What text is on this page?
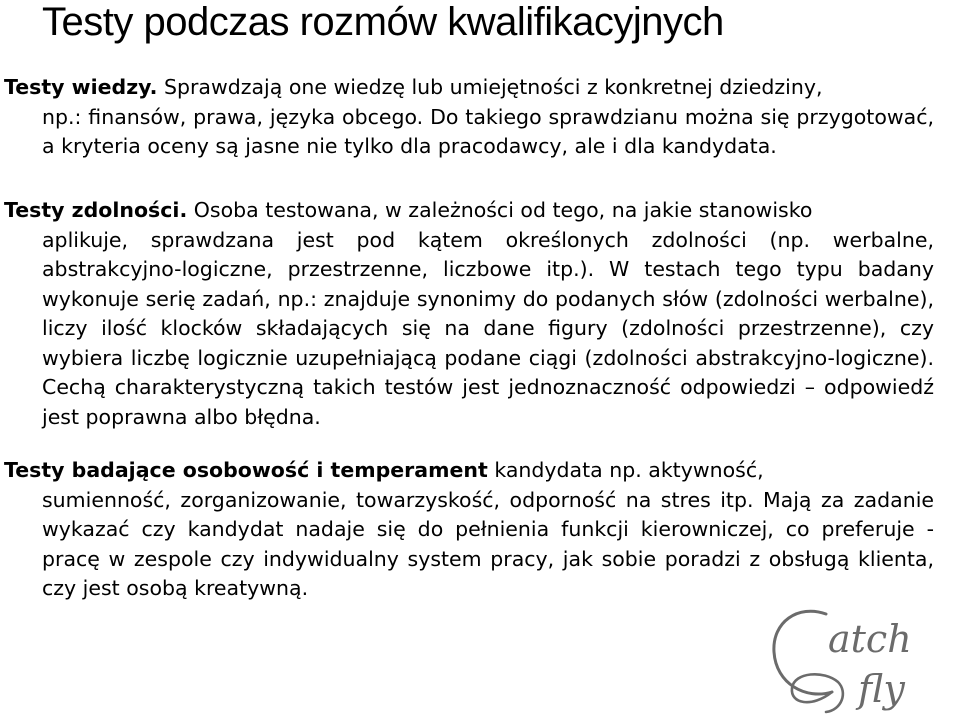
Testy podczas rozmów kwalifikacyjnych
Testy wiedzy. Sprawdzają one wiedzę lub umiejętności z konkretnej dziedziny,
np.: finansów, prawa, języka obcego. Do takiego sprawdzianu można się przygotować, a kryteria oceny są jasne nie tylko dla pracodawcy, ale i dla kandydata.
Testy zdolności. Osoba testowana, w zależności od tego, na jakie stanowisko
aplikuje, sprawdzana jest pod kątem określonych zdolności (np. werbalne, abstrakcyjno-logiczne, przestrzenne, liczbowe itp.). W testach tego typu badany wykonuje serię zadań, np.: znajduje synonimy do podanych słów (zdolności werbalne), liczy ilość klocków składających się na dane figury (zdolności przestrzenne), czy wybiera liczbę logicznie uzupełniającą podane ciągi (zdolności abstrakcyjno-logiczne). Cechą charakterystyczną takich testów jest jednoznaczność odpowiedzi – odpowiedź jest poprawna albo błędna.
Testy badające osobowość i temperament kandydata np. aktywność,
sumienność, zorganizowanie, towarzyskość, odporność na stres itp. Mają za zadanie wykazać czy kandydat nadaje się do pełnienia funkcji kierowniczej, co preferuje - pracę w zespole czy indywidualny system pracy, jak sobie poradzi z obsługą klienta, czy jest osobą kreatywną.
atch
fly
